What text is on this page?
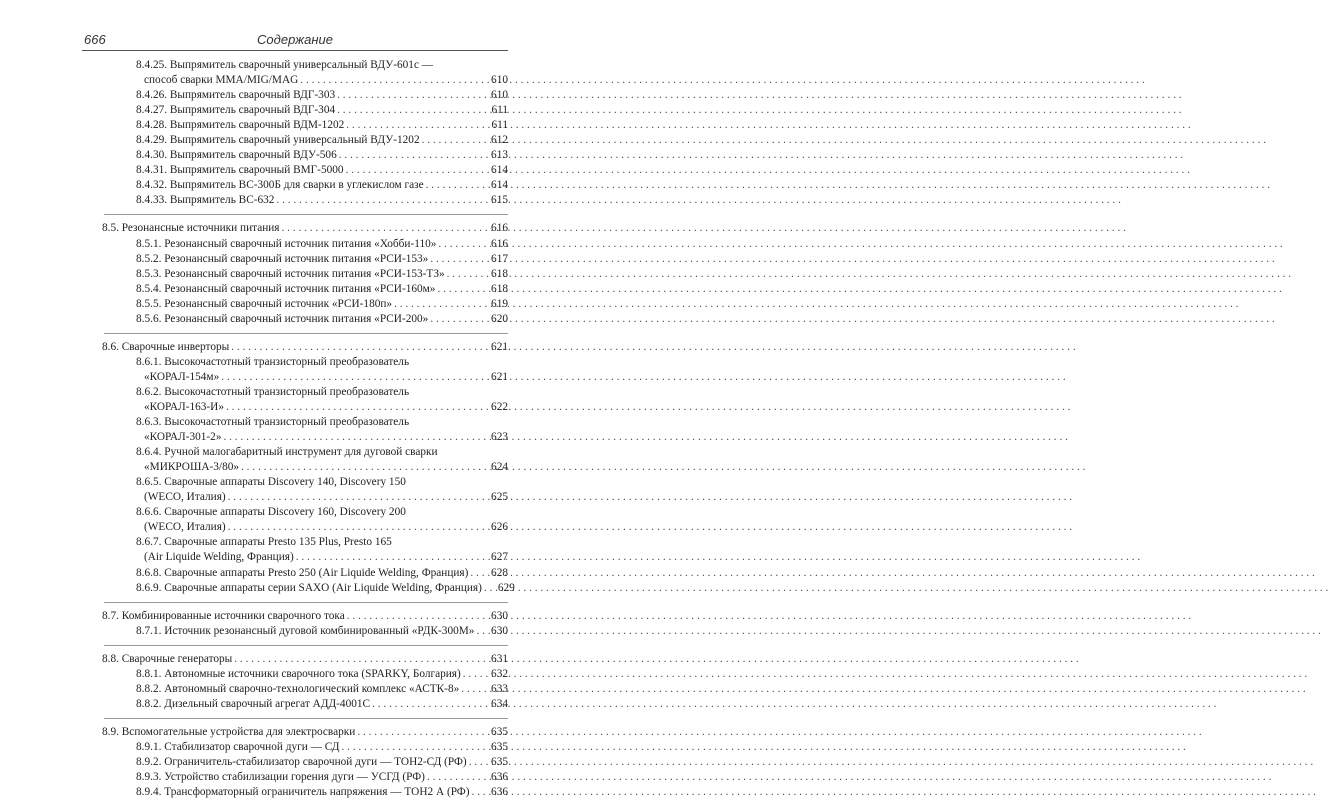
666	Содержание
8.4.25. Выпрямитель сварочный универсальный ВДУ-601с —
способ сварки MMA/MIG/MAG . . .	610
8.4.26. Выпрямитель сварочный ВДГ-303 . . .	610
8.4.27. Выпрямитель сварочный ВДГ-304 . . .	611
8.4.28. Выпрямитель сварочный ВДМ-1202 . . .	611
8.4.29. Выпрямитель сварочный универсальный ВДУ-1202 . . .	612
8.4.30. Выпрямитель сварочный ВДУ-506 . . .	613
8.4.31. Выпрямитель сварочный ВМГ-5000 . . .	614
8.4.32. Выпрямитель ВС-300Б для сварки в углекислом газе . . .	614
8.4.33. Выпрямитель ВС-632 . . .	615
8.5. Резонансные источники питания . . .	616
8.5.1. Резонансный сварочный источник питания «Хобби-110» . . .	616
8.5.2. Резонансный сварочный источник питания «РСИ-153» . . .	617
8.5.3. Резонансный сварочный источник питания «РСИ-153-ТЗ» . . .	618
8.5.4. Резонансный сварочный источник питания «РСИ-160м» . . .	618
8.5.5. Резонансный сварочный источник «РСИ-180п» . . .	619
8.5.6. Резонансный сварочный источник питания «РСИ-200» . . .	620
8.6. Сварочные инверторы . . .	621
8.6.1. Высокочастотный транзисторный преобразователь
«КОРАЛ-154м» . . .	621
8.6.2. Высокочастотный транзисторный преобразователь
«КОРАЛ-163-И» . . .	622
8.6.3. Высокочастотный транзисторный преобразователь
«КОРАЛ-301-2» . . .	623
8.6.4. Ручной малогабаритный инструмент для дуговой сварки
«МИКРОША-3/80» . . .	624
8.6.5. Сварочные аппараты Discovery 140, Discovery 150
(WECO, Италия) . . .	625
8.6.6. Сварочные аппараты Discovery 160, Discovery 200
(WECO, Италия) . . .	626
8.6.7. Сварочные аппараты Presto 135 Plus, Presto 165
(Air Liquide Welding, Франция) . . .	627
8.6.8. Сварочные аппараты Presto 250 (Air Liquide Welding, Франция) . . . 628
8.6.9. Сварочные аппараты серии SAXO (Air Liquide Welding, Франция) . . . 629
8.7. Комбинированные источники сварочного тока . . .	630
8.7.1. Источник резонансный дуговой комбинированный «РДК-300М» . . . 630
8.8. Сварочные генераторы . . .	631
8.8.1. Автономные источники сварочного тока (SPARKY, Болгария) . . .	632
8.8.2. Автономный сварочно-технологический комплекс «АСТК-8» . . .	633
8.8.2. Дизельный сварочный агрегат АДД-4001С . . .	634
8.9. Вспомогательные устройства для электросварки . . .	635
8.9.1. Стабилизатор сварочной дуги — СД . . .	635
8.9.2. Ограничитель-стабилизатор сварочной дуги — ТОН2-СД (РФ) . . . 635
8.9.3. Устройство стабилизации горения дуги — УСГД (РФ) . . .	636
8.9.4. Трансформаторный ограничитель напряжения — ТОН2 А (РФ) . . . 636
